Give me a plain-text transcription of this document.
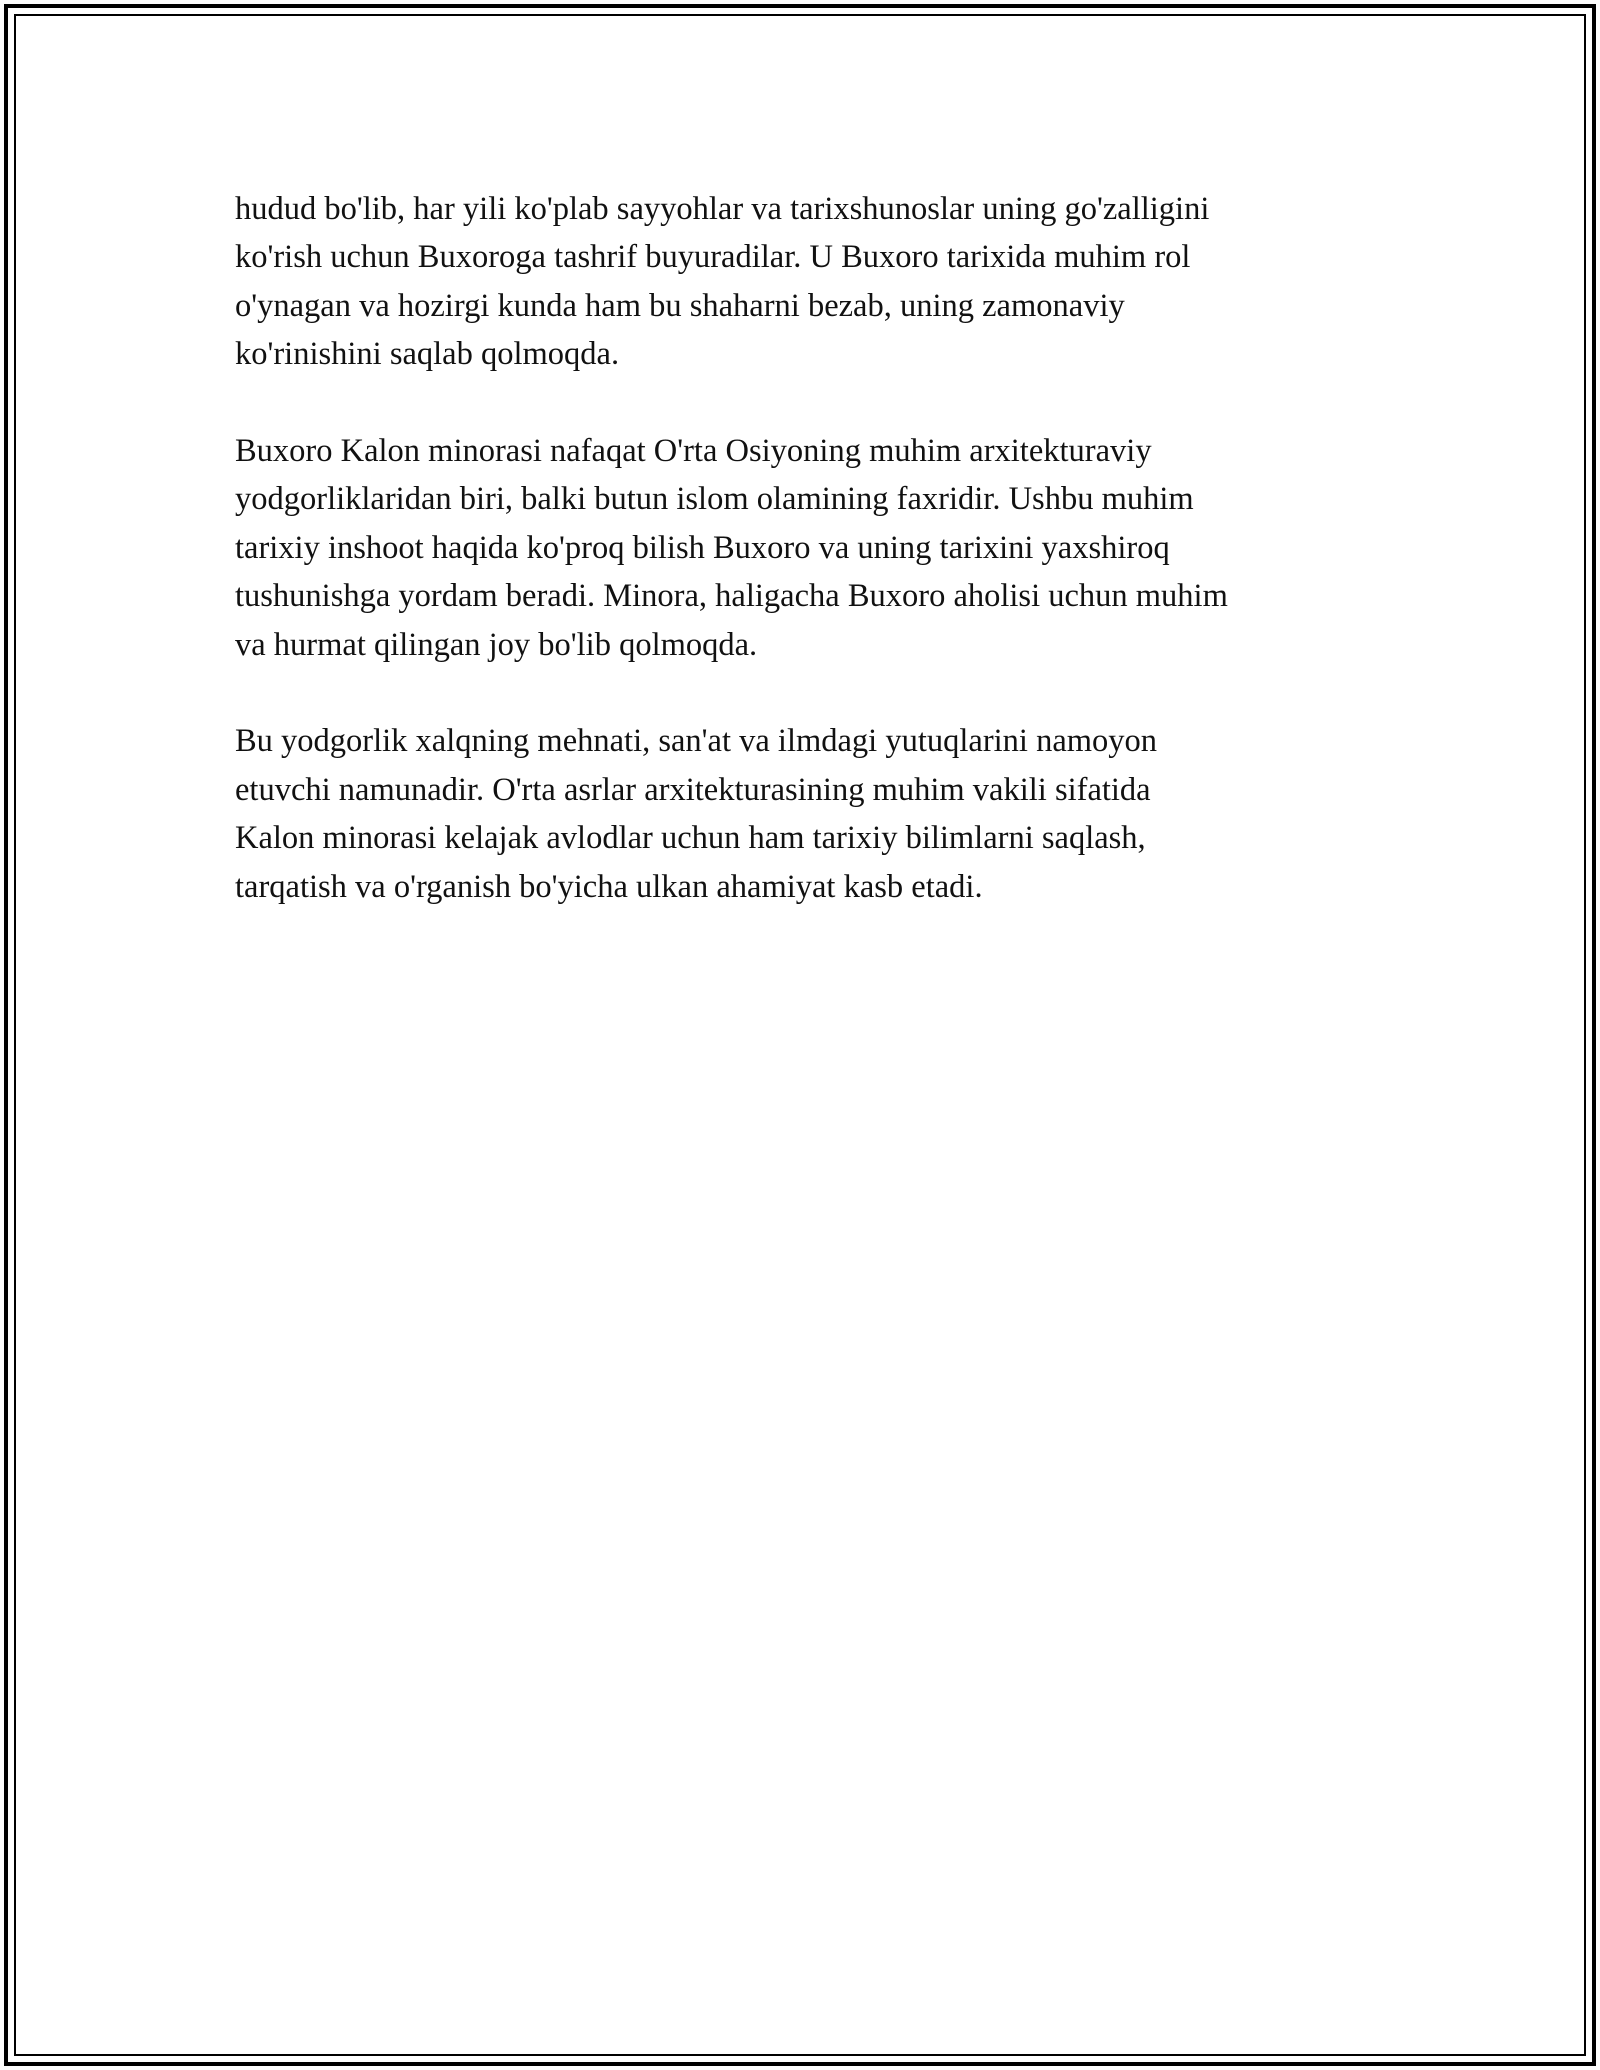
hudud bo'lib, har yili ko'plab sayyohlar va tarixshunoslar uning go'zalligini
ko'rish uchun Buxoroga tashrif buyuradilar. U Buxoro tarixida muhim rol
o'ynagan va hozirgi kunda ham bu shaharni bezab, uning zamonaviy
ko'rinishini saqlab qolmoqda.

Buxoro Kalon minorasi nafaqat O'rta Osiyoning muhim arxitekturaviy
yodgorliklaridan biri, balki butun islom olamining faxridir. Ushbu muhim
tarixiy inshoot haqida ko'proq bilish Buxoro va uning tarixini yaxshiroq
tushunishga yordam beradi. Minora, haligacha Buxoro aholisi uchun muhim
va hurmat qilingan joy bo'lib qolmoqda.

Bu yodgorlik xalqning mehnati, san'at va ilmdagi yutuqlarini namoyon
etuvchi namunadir. O'rta asrlar arxitekturasining muhim vakili sifatida
Kalon minorasi kelajak avlodlar uchun ham tarixiy bilimlarni saqlash,
tarqatish va o'rganish bo'yicha ulkan ahamiyat kasb etadi.
